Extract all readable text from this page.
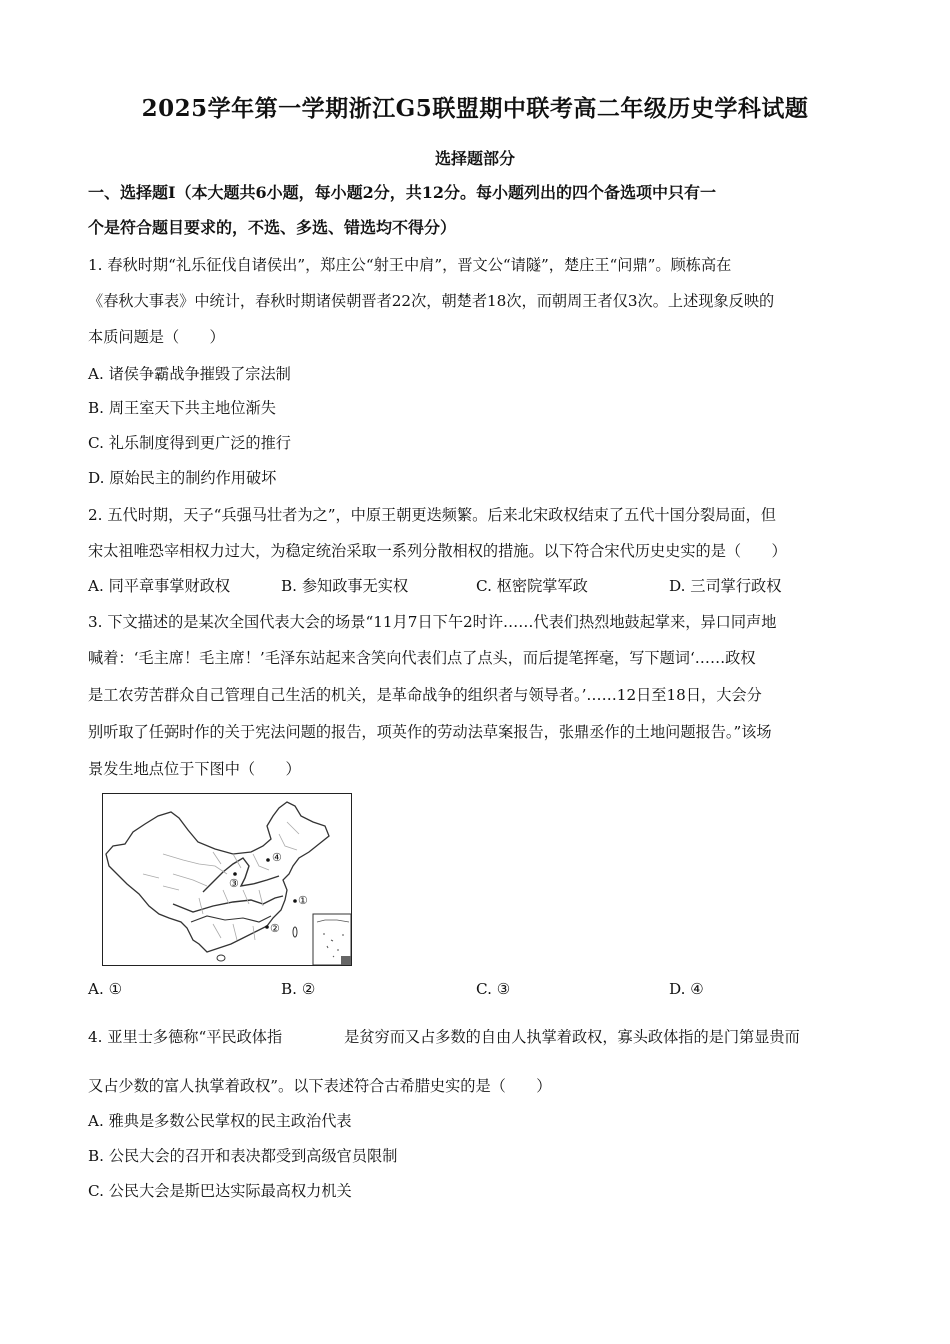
2025学年第一学期浙江G5联盟期中联考高二年级历史学科试题
选择题部分
一、选择题Ⅰ（本大题共6小题，每小题2分，共12分。每小题列出的四个备选项中只有一
个是符合题目要求的，不选、多选、错选均不得分）
1. 春秋时期“礼乐征伐自诸侯出”，郑庄公“射王中肩”，晋文公“请隧”，楚庄王“问鼎”。顾栋高在
《春秋大事表》中统计，春秋时期诸侯朝晋者22次，朝楚者18次，而朝周王者仅3次。上述现象反映的
本质问题是（　　）
A. 诸侯争霸战争摧毁了宗法制
B. 周王室天下共主地位渐失
C. 礼乐制度得到更广泛的推行
D. 原始民主的制约作用破坏
2. 五代时期，天子“兵强马壮者为之”，中原王朝更迭频繁。后来北宋政权结束了五代十国分裂局面，但
宋太祖唯恐宰相权力过大，为稳定统治采取一系列分散相权的措施。以下符合宋代历史史实的是（　　）
A. 同平章事掌财政权	B. 参知政事无实权	C. 枢密院掌军政	D. 三司掌行政权
3. 下文描述的是某次全国代表大会的场景“11月7日下午2时许……代表们热烈地鼓起掌来，异口同声地
喊着：‘毛主席！毛主席！’毛泽东站起来含笑向代表们点了点头，而后提笔挥毫，写下题词‘……政权
是工农劳苦群众自己管理自己生活的机关，是革命战争的组织者与领导者。’……12日至18日，大会分
别听取了任弼时作的关于宪法问题的报告，项英作的劳动法草案报告，张鼎丞作的土地问题报告。”该场
景发生地点位于下图中（　　）
④
③
①
②
A. ①	B. ②	C. ③	D. ④
4. 亚里士多德称“平民政体指	是贫穷而又占多数的自由人执掌着政权，寡头政体指的是门第显贵而
又占少数的富人执掌着政权”。以下表述符合古希腊史实的是（　　）
A. 雅典是多数公民掌权的民主政治代表
B. 公民大会的召开和表决都受到高级官员限制
C. 公民大会是斯巴达实际最高权力机关
